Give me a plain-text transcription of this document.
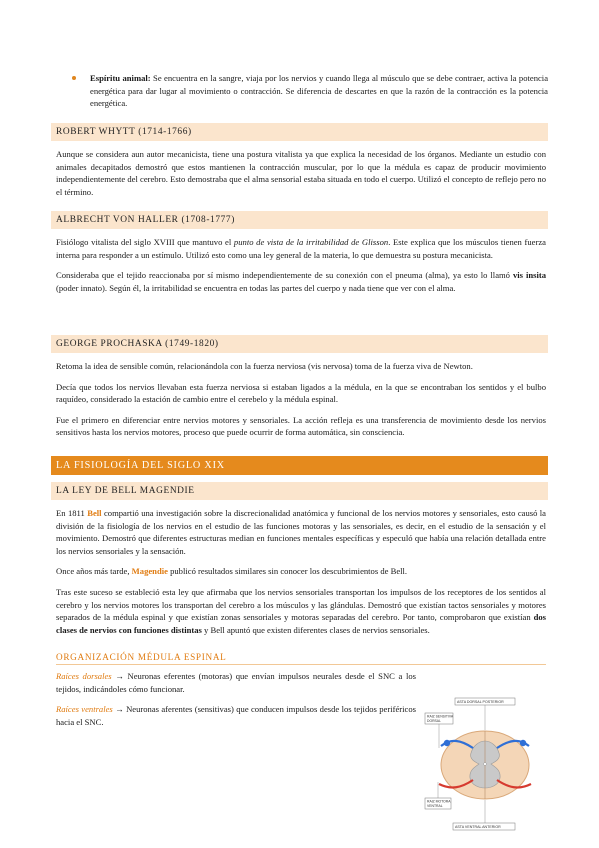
Espíritu animal: Se encuentra en la sangre, viaja por los nervios y cuando llega al músculo que se debe contraer, activa la potencia energética para dar lugar al movimiento o contracción. Se diferencia de descartes en que la razón de la contracción es la potencia energética.

ROBERT WHYTT (1714-1766)

Aunque se considera aun autor mecanicista, tiene una postura vitalista ya que explica la necesidad de los órganos. Mediante un estudio con animales decapitados demostró que estos mantienen la contracción muscular, por lo que la médula es capaz de producir movimiento independientemente del cerebro. Esto demostraba que el alma sensorial estaba situada en todo el cuerpo. Utilizó el concepto de reflejo pero no el término.

ALBRECHT VON HALLER (1708-1777)

Fisiólogo vitalista del siglo XVIII que mantuvo el punto de vista de la irritabilidad de Glisson. Este explica que los músculos tienen fuerza interna para responder a un estímulo. Utilizó esto como una ley general de la materia, lo que demuestra su postura mecanicista.

Consideraba que el tejido reaccionaba por sí mismo independientemente de su conexión con el pneuma (alma), ya esto lo llamó vis insita (poder innato). Según él, la irritabilidad se encuentra en todas las partes del cuerpo y nada tiene que ver con el alma.

GEORGE PROCHASKA (1749-1820)

Retoma la idea de sensible común, relacionándola con la fuerza nerviosa (vis nervosa) toma de la fuerza viva de Newton.

Decía que todos los nervios llevaban esta fuerza nerviosa si estaban ligados a la médula, en la que se encontraban los sentidos y el bulbo raquídeo, considerado la estación de cambio entre el cerebelo y la médula espinal.

Fue el primero en diferenciar entre nervios motores y sensoriales. La acción refleja es una transferencia de movimiento desde los nervios sensitivos hasta los nervios motores, proceso que puede ocurrir de forma automática, sin consciencia.

LA FISIOLOGÍA DEL SIGLO XIX
LA LEY DE BELL MAGENDIE

En 1811 Bell compartió una investigación sobre la discrecionalidad anatómica y funcional de los nervios motores y sensoriales, esto causó la división de la fisiología de los nervios en el estudio de las funciones motoras y las sensoriales, es decir, en el estudio de la sensación y el movimiento. Demostró que diferentes estructuras median en funciones mentales específicas y especuló que había una relación detallada entre los nervios sensoriales y la sensación.

Once años más tarde, Magendie publicó resultados similares sin conocer los descubrimientos de Bell.

Tras este suceso se estableció esta ley que afirmaba que los nervios sensoriales transportan los impulsos de los receptores de los sentidos al cerebro y los nervios motores los transportan del cerebro a los músculos y las glándulas. Demostró que existían tactos sensoriales y motores separados de la médula espinal y que existían zonas sensoriales y motoras separadas del cerebro. Por tanto, comprobaron que existían dos clases de nervios con funciones distintas y Bell apuntó que existen diferentes clases de nervios sensoriales.

ORGANIZACIÓN MÉDULA ESPINAL

Raíces dorsales → Neuronas eferentes (motoras) que envían impulsos neurales desde el SNC a los tejidos, indicándoles cómo funcionar.

Raíces ventrales → Neuronas aferentes (sensitivas) que conducen impulsos desde los tejidos periféricos hacia el SNC.

ASTA DORSAL POSTERIOR
RAIZ SENSITIVA
DORSAL
RAIZ MOTORA
VENTRAL
ASTA VENTRAL ANTERIOR
